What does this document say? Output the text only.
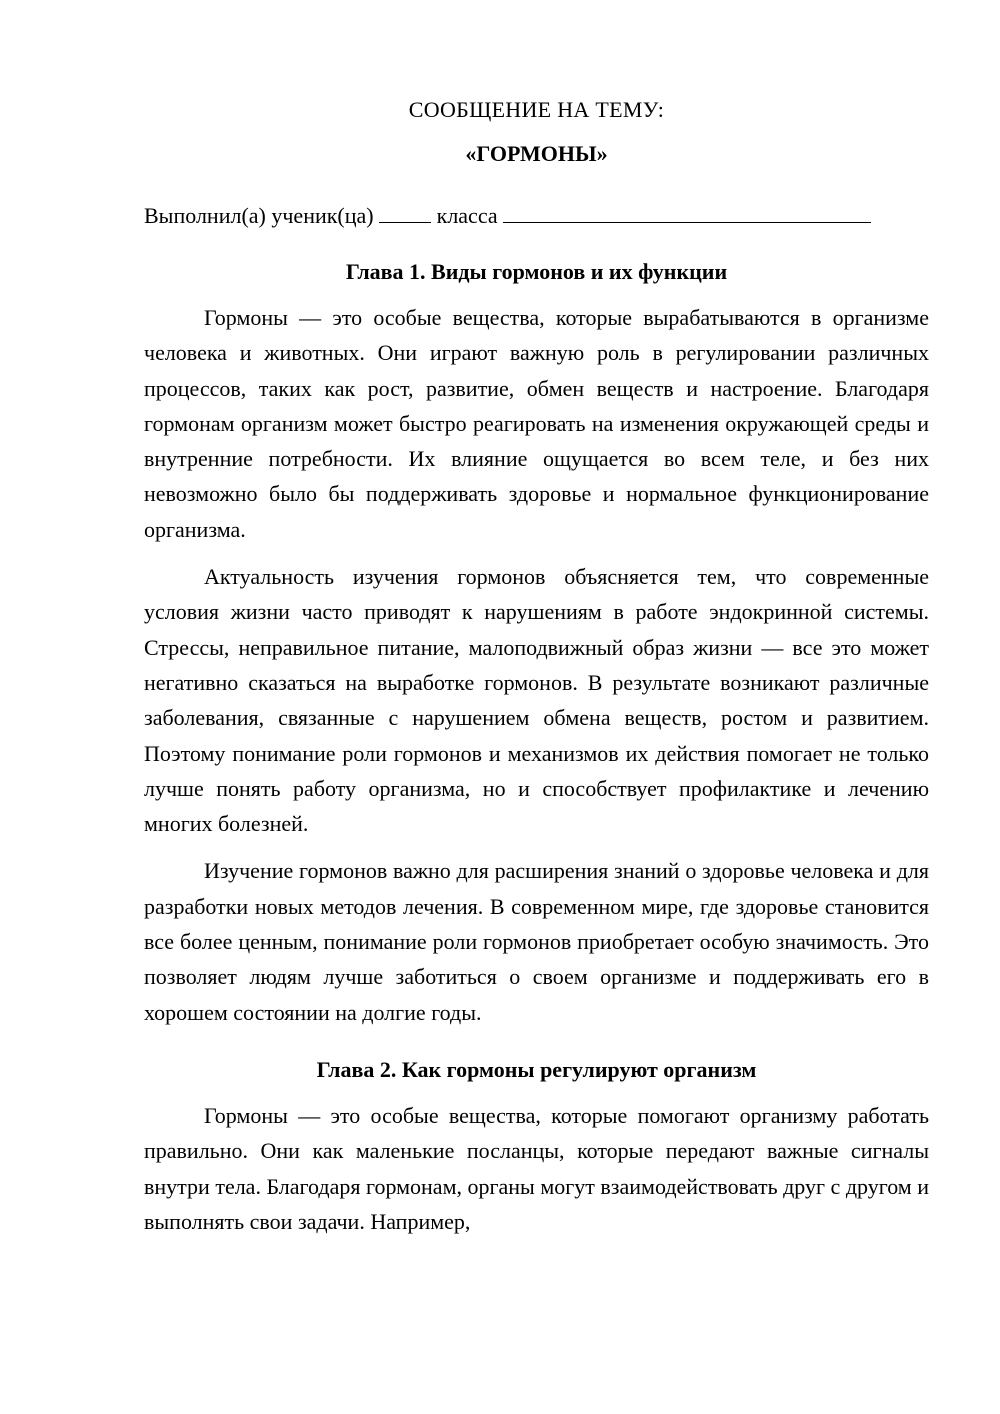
СООБЩЕНИЕ НА ТЕМУ:
«ГОРМОНЫ»

Выполнил(а) ученик(ца)	класса

Глава 1. Виды гормонов и их функции

Гормоны — это особые вещества, которые вырабатываются в организме человека и животных. Они играют важную роль в регулировании различных процессов, таких как рост, развитие, обмен веществ и настроение. Благодаря гормонам организм может быстро реагировать на изменения окружающей среды и внутренние потребности. Их влияние ощущается во всем теле, и без них невозможно было бы поддерживать здоровье и нормальное функционирование организма.

Актуальность изучения гормонов объясняется тем, что современные условия жизни часто приводят к нарушениям в работе эндокринной системы. Стрессы, неправильное питание, малоподвижный образ жизни — все это может негативно сказаться на выработке гормонов. В результате возникают различные заболевания, связанные с нарушением обмена веществ, ростом и развитием. Поэтому понимание роли гормонов и механизмов их действия помогает не только лучше понять работу организма, но и способствует профилактике и лечению многих болезней.

Изучение гормонов важно для расширения знаний о здоровье человека и для разработки новых методов лечения. В современном мире, где здоровье становится все более ценным, понимание роли гормонов приобретает особую значимость. Это позволяет людям лучше заботиться о своем организме и поддерживать его в хорошем состоянии на долгие годы.

Глава 2. Как гормоны регулируют организм

Гормоны — это особые вещества, которые помогают организму работать правильно. Они как маленькие посланцы, которые передают важные сигналы внутри тела. Благодаря гормонам, органы могут взаимодействовать друг с другом и выполнять свои задачи. Например,
